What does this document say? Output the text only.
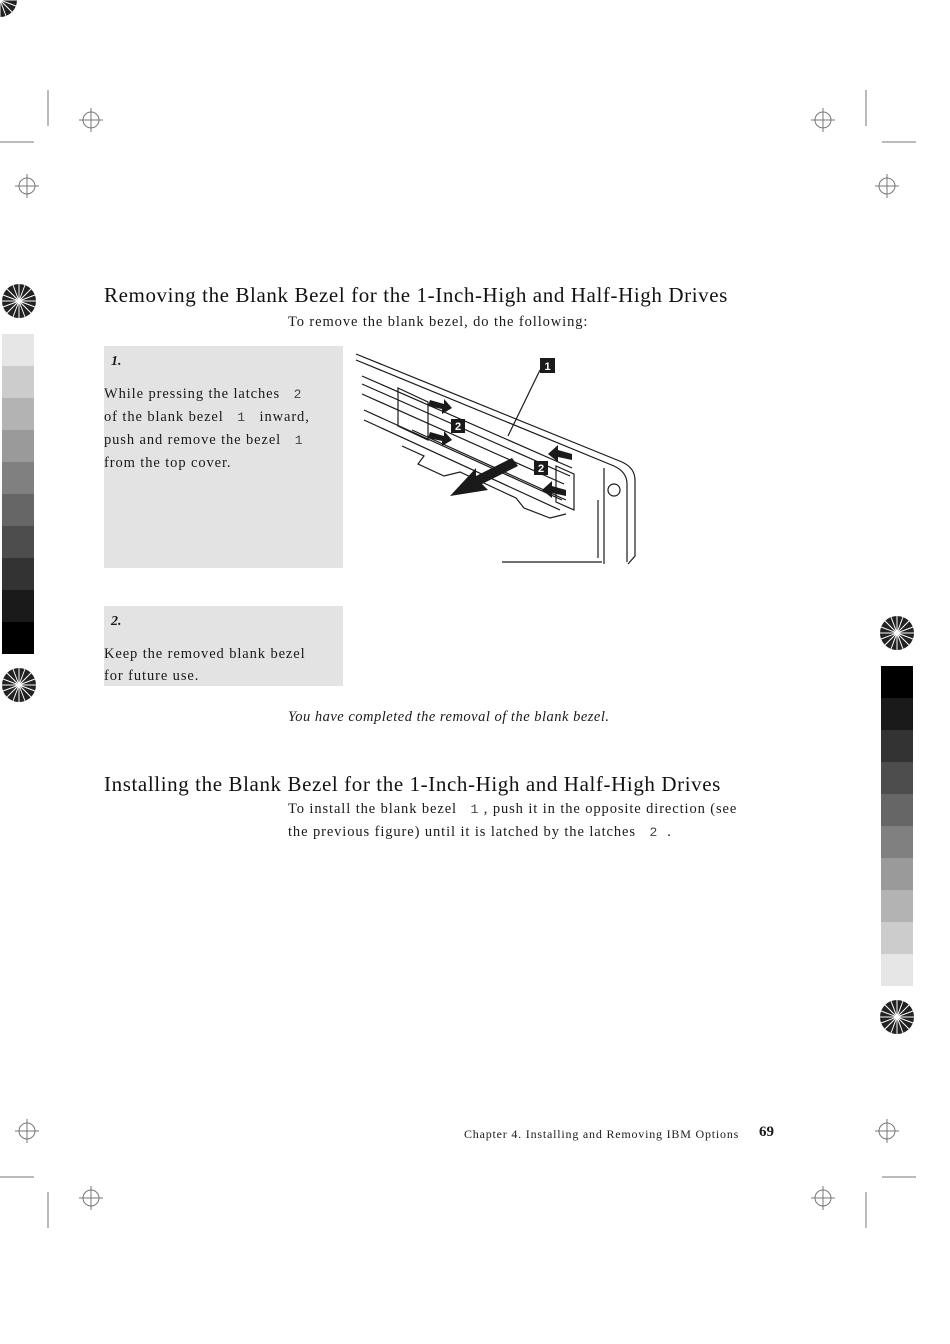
Removing the Blank Bezel for the 1-Inch-High and Half-High Drives
To remove the blank bezel, do the following:
1.
While pressing the latches 2
of the blank bezel 1 inward,
push and remove the bezel 1
from the top cover.
1
2
2
2.
Keep the removed blank bezel
for future use.
You have completed the removal of the blank bezel.
Installing the Blank Bezel for the 1-Inch-High and Half-High Drives
To install the blank bezel 1 , push it in the opposite direction (see
the previous figure) until it is latched by the latches 2 .
Chapter 4. Installing and Removing IBM Options 69
